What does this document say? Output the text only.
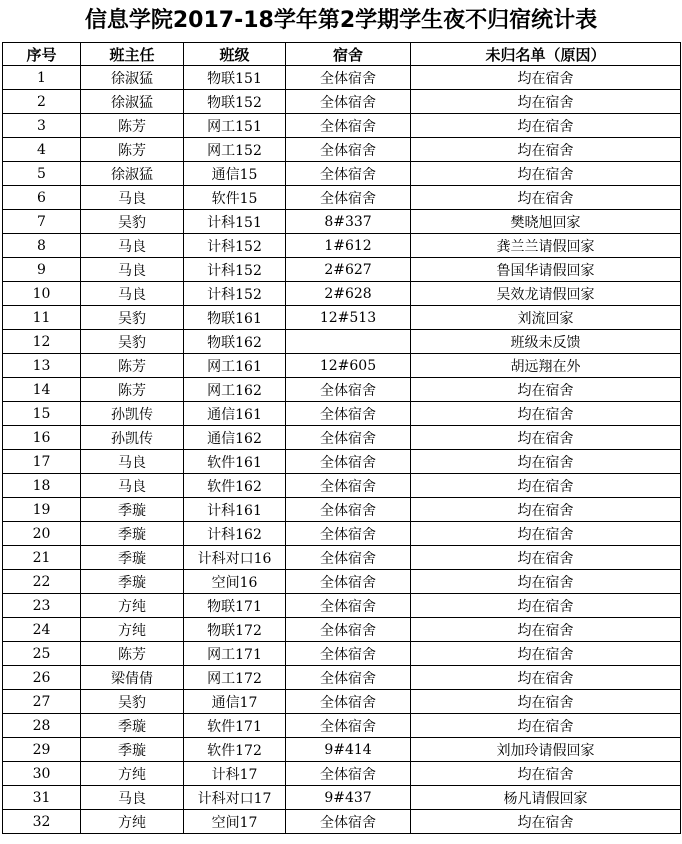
信息学院2017-18学年第2学期学生夜不归宿统计表
序号	班主任	班级	宿舍	未归名单（原因）
1	徐淑猛	物联151	全体宿舍	均在宿舍
2	徐淑猛	物联152	全体宿舍	均在宿舍
3	陈芳	网工151	全体宿舍	均在宿舍
4	陈芳	网工152	全体宿舍	均在宿舍
5	徐淑猛	通信15	全体宿舍	均在宿舍
6	马良	软件15	全体宿舍	均在宿舍
7	吴豹	计科151	8#337	樊晓旭回家
8	马良	计科152	1#612	龚兰兰请假回家
9	马良	计科152	2#627	鲁国华请假回家
10	马良	计科152	2#628	吴效龙请假回家
11	吴豹	物联161	12#513	刘流回家
12	吴豹	物联162		班级未反馈
13	陈芳	网工161	12#605	胡远翔在外
14	陈芳	网工162	全体宿舍	均在宿舍
15	孙凯传	通信161	全体宿舍	均在宿舍
16	孙凯传	通信162	全体宿舍	均在宿舍
17	马良	软件161	全体宿舍	均在宿舍
18	马良	软件162	全体宿舍	均在宿舍
19	季璇	计科161	全体宿舍	均在宿舍
20	季璇	计科162	全体宿舍	均在宿舍
21	季璇	计科对口16	全体宿舍	均在宿舍
22	季璇	空间16	全体宿舍	均在宿舍
23	方纯	物联171	全体宿舍	均在宿舍
24	方纯	物联172	全体宿舍	均在宿舍
25	陈芳	网工171	全体宿舍	均在宿舍
26	梁倩倩	网工172	全体宿舍	均在宿舍
27	吴豹	通信17	全体宿舍	均在宿舍
28	季璇	软件171	全体宿舍	均在宿舍
29	季璇	软件172	9#414	刘加玲请假回家
30	方纯	计科17	全体宿舍	均在宿舍
31	马良	计科对口17	9#437	杨凡请假回家
32	方纯	空间17	全体宿舍	均在宿舍
